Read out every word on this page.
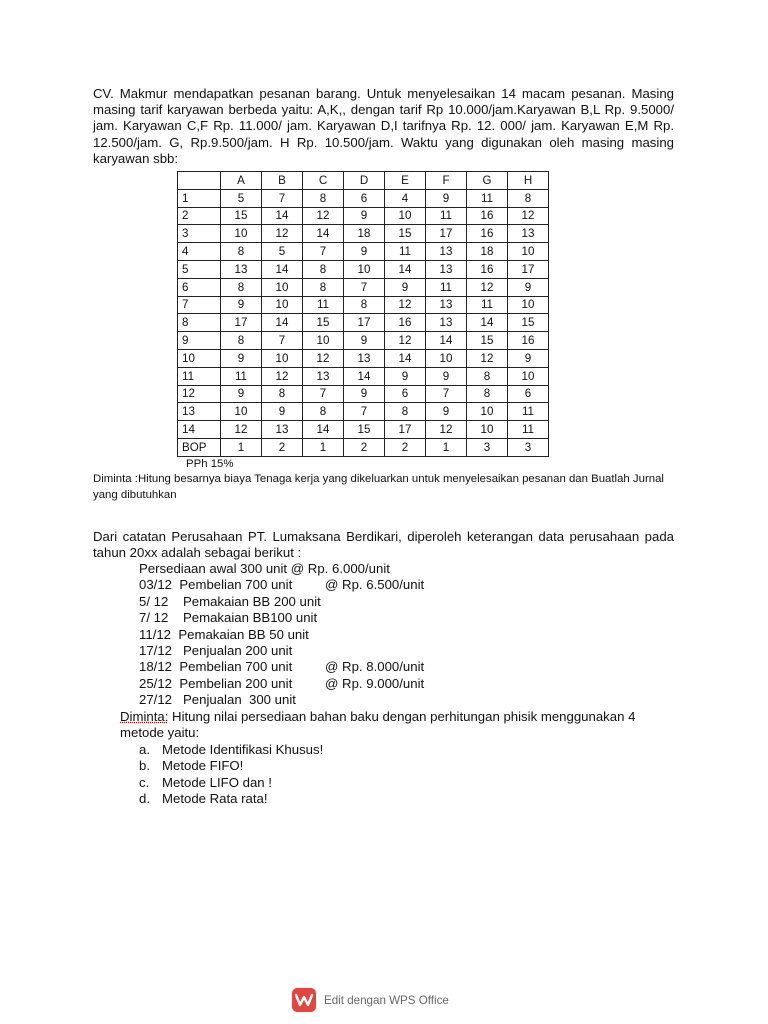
CV. Makmur mendapatkan pesanan barang. Untuk menyelesaikan 14 macam pesanan. Masing masing tarif karyawan berbeda yaitu: A,K,, dengan tarif Rp 10.000/jam.Karyawan B,L Rp. 9.5000/ jam. Karyawan C,F Rp. 11.000/ jam. Karyawan D,I tarifnya Rp. 12. 000/ jam. Karyawan E,M Rp. 12.500/jam. G, Rp.9.500/jam. H Rp. 10.500/jam. Waktu yang digunakan oleh masing masing karyawan sbb:
	A	B	C	D	E	F	G	H
1	5	7	8	6	4	9	11	8
2	15	14	12	9	10	11	16	12
3	10	12	14	18	15	17	16	13
4	8	5	7	9	11	13	18	10
5	13	14	8	10	14	13	16	17
6	8	10	8	7	9	11	12	9
7	9	10	11	8	12	13	11	10
8	17	14	15	17	16	13	14	15
9	8	7	10	9	12	14	15	16
10	9	10	12	13	14	10	12	9
11	11	12	13	14	9	9	8	10
12	9	8	7	9	6	7	8	6
13	10	9	8	7	8	9	10	11
14	12	13	14	15	17	12	10	11
BOP	1	2	1	2	2	1	3	3
PPh 15%
Diminta :Hitung besarnya biaya Tenaga kerja yang dikeluarkan untuk menyelesaikan pesanan dan Buatlah Jurnal yang dibutuhkan
Dari catatan Perusahaan PT. Lumaksana Berdikari, diperoleh keterangan data perusahaan pada tahun 20xx adalah sebagai berikut :
Persediaan awal 300 unit @ Rp. 6.000/unit
03/12  Pembelian 700 unit @ Rp. 6.500/unit
5/ 12    Pemakaian BB 200 unit
7/ 12    Pemakaian BB100 unit
11/12  Pemakaian BB 50 unit
17/12   Penjualan 200 unit
18/12  Pembelian 700 unit @ Rp. 8.000/unit
25/12  Pembelian 200 unit @ Rp. 9.000/unit
27/12   Penjualan  300 unit
Diminta: Hitung nilai persediaan bahan baku dengan perhitungan phisik menggunakan 4 metode yaitu:
a. Metode Identifikasi Khusus!
b. Metode FIFO!
c. Metode LIFO dan !
d. Metode Rata rata!
Edit dengan WPS Office
